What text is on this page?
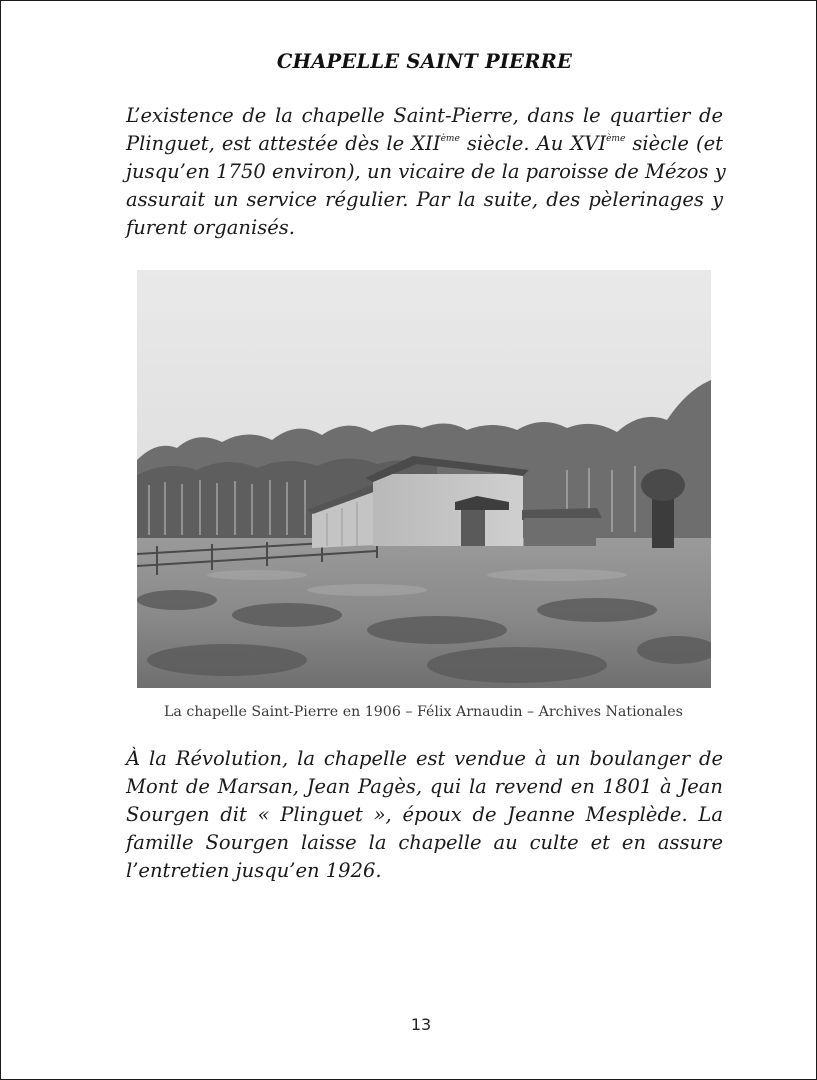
CHAPELLE SAINT PIERRE
L’existence de la chapelle Saint-Pierre, dans le quartier de
Plinguet, est attestée dès le XIIème siècle. Au XVIème siècle (et
jusqu’en 1750 environ), un vicaire de la paroisse de Mézos y
assurait un service régulier. Par la suite, des pèlerinages y
furent organisés.

La chapelle Saint-Pierre en 1906 – Félix Arnaudin – Archives Nationales

À la Révolution, la chapelle est vendue à un boulanger de
Mont de Marsan, Jean Pagès, qui la revend en 1801 à Jean
Sourgen dit « Plinguet », époux de Jeanne Mesplède. La
famille Sourgen laisse la chapelle au culte et en assure
l’entretien jusqu’en 1926.
13
